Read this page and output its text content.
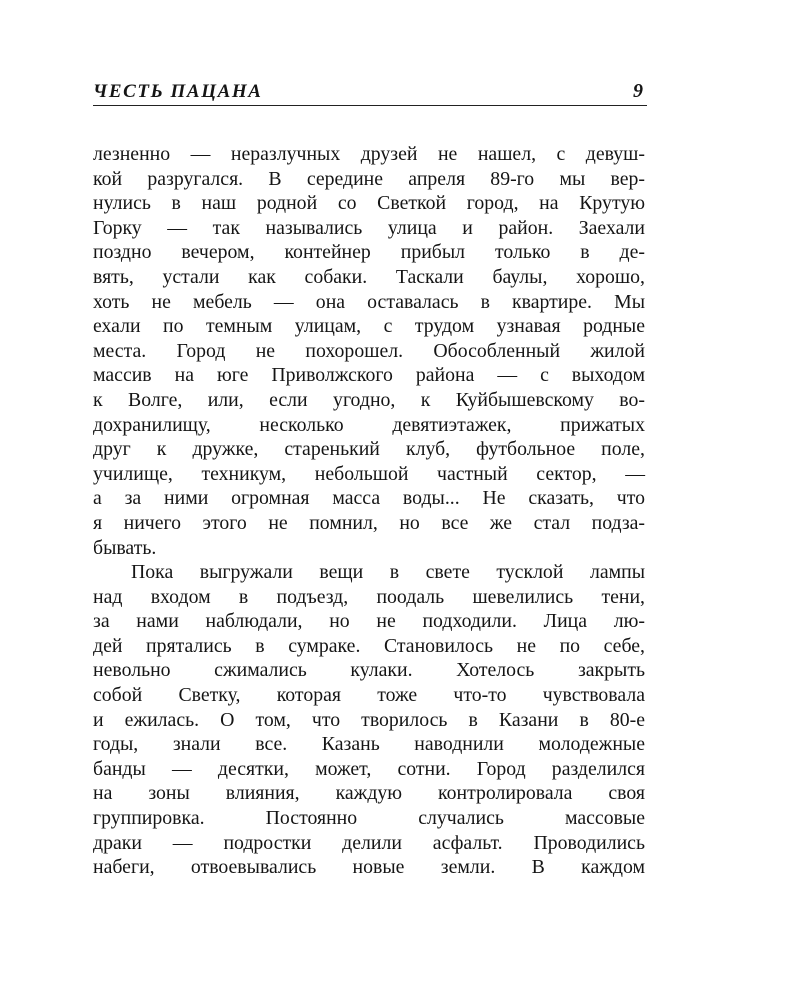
ЧЕСТЬ ПАЦАНА	9
лезненно — неразлучных друзей не нашел, с девуш-
кой разругался. В середине апреля 89-го мы вер-
нулись в наш родной со Светкой город, на Крутую
Горку — так назывались улица и район. Заехали
поздно вечером, контейнер прибыл только в де-
вять, устали как собаки. Таскали баулы, хорошо,
хоть не мебель — она оставалась в квартире. Мы
ехали по темным улицам, с трудом узнавая родные
места. Город не похорошел. Обособленный жилой
массив на юге Приволжского района — с выходом
к Волге, или, если угодно, к Куйбышевскому во-
дохранилищу, несколько девятиэтажек, прижатых
друг к дружке, старенький клуб, футбольное поле,
училище, техникум, небольшой частный сектор, —
а за ними огромная масса воды... Не сказать, что
я ничего этого не помнил, но все же стал подза-
бывать.
Пока выгружали вещи в свете тусклой лампы
над входом в подъезд, поодаль шевелились тени,
за нами наблюдали, но не подходили. Лица лю-
дей прятались в сумраке. Становилось не по себе,
невольно сжимались кулаки. Хотелось закрыть
собой Светку, которая тоже что-то чувствовала
и ежилась. О том, что творилось в Казани в 80-е
годы, знали все. Казань наводнили молодежные
банды — десятки, может, сотни. Город разделился
на зоны влияния, каждую контролировала своя
группировка. Постоянно случались массовые
драки — подростки делили асфальт. Проводились
набеги, отвоевывались новые земли. В каждом
